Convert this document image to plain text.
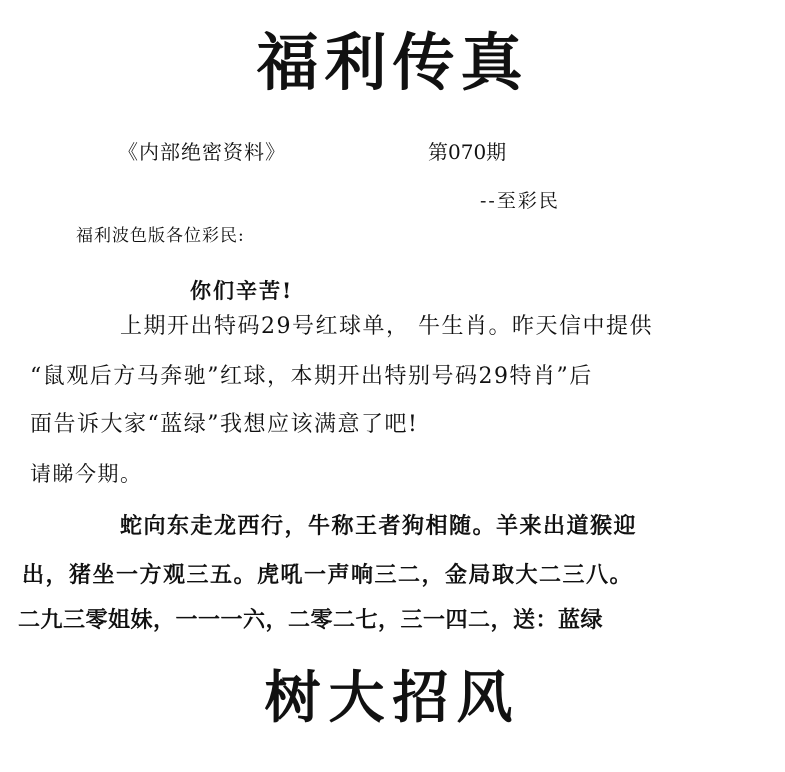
福利传真
《内部绝密资料》	第070期
--至彩民
福利波色版各位彩民:
你们辛苦!
上期开出特码29号红球单， 牛生肖。昨天信中提供
“鼠观后方马奔驰”红球，本期开出特别号码29特肖”后
面告诉大家“蓝绿”我想应该满意了吧!
请睇今期。
蛇向东走龙西行，牛称王者狗相随。羊来出道猴迎
出，猪坐一方观三五。虎吼一声响三二，金局取大二三八。
二九三零姐妹，一一一六，二零二七，三一四二，送：蓝绿
树大招风
